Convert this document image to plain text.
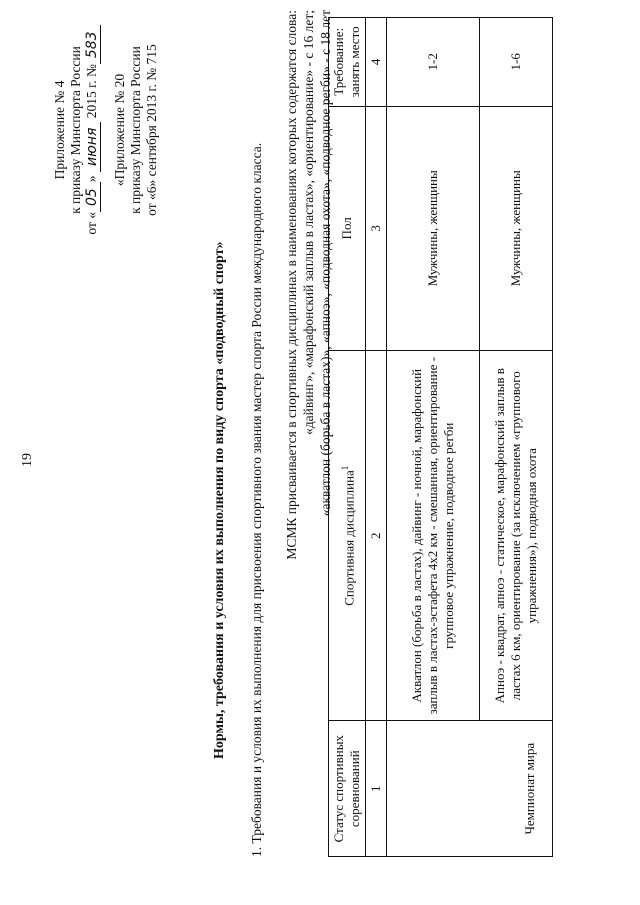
19
Приложение № 4 к приказу Минспорта России
от «05» июня 2015 г. №583
«Приложение № 20 к приказу Минспорта России от «6» сентября 2013 г. № 715
Нормы, требования и условия их выполнения по виду спорта «подводный спорт» 1. Требования и условия их выполнения для присвоения спортивного звания мастер спорта России международного класса. МСМК присваивается в спортивных дисциплинах в наименованиях которых содержатся слова: «дайвинг», «марафонский заплыв в ластах», «ориентирование» - с 16 лет; «акватлон (борьба в ластах)», «апноэ», «подводная охота», «подводное регби» - с 18 лет
Статус спортивных соревнований	Спортивная дисциплина$^1$	Пол	Требование: занять место
1	2	3	4
Чемпионат мира	Акватлон (борьба в ластах), дайвинг - ночной, марафонский заплыв в ластах-эстафета 4х2 км - смешанная, ориентирование - групповое упражнение, подводное регби	Мужчины, женщины	1-2
	Апноэ - квадрат, апноэ - статическое, марафонский заплыв в ластах 6 км, ориентирование (за исключением «группового упражнения»), подводная охота	Мужчины, женщины	1-6
